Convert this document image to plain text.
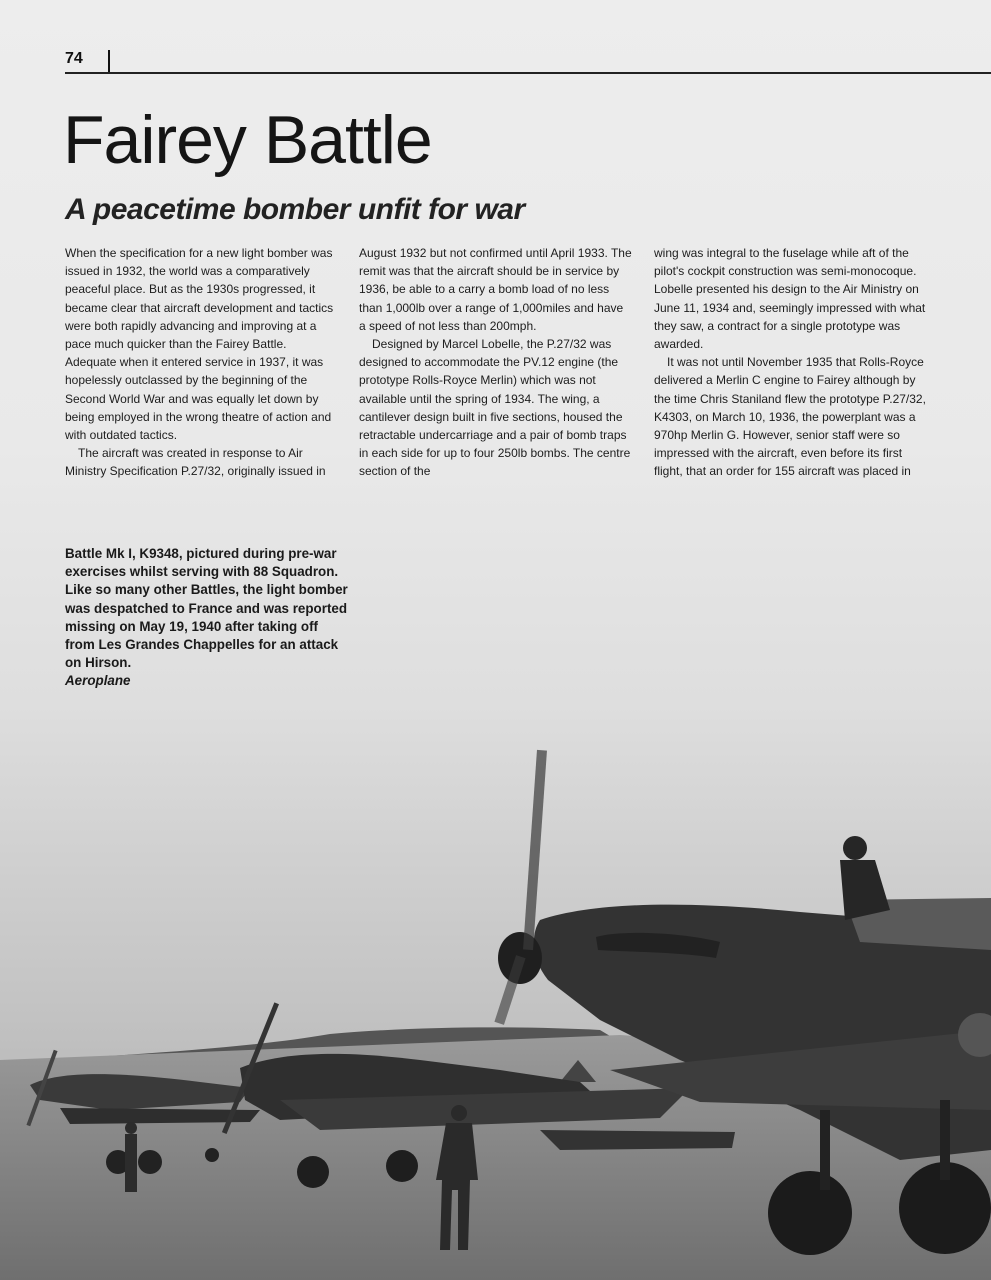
74
Fairey Battle
A peacetime bomber unfit for war

When the specification for a new light bomber was issued in 1932, the world was a comparatively peaceful place. But as the 1930s progressed, it became clear that aircraft development and tactics were both rapidly advancing and improving at a pace much quicker than the Fairey Battle. Adequate when it entered service in 1937, it was hopelessly outclassed by the beginning of the Second World War and was equally let down by being employed in the wrong theatre of action and with outdated tactics.

The aircraft was created in response to Air Ministry Specification P.27/32, originally issued in

August 1932 but not confirmed until April 1933. The remit was that the aircraft should be in service by 1936, be able to a carry a bomb load of no less than 1,000lb over a range of 1,000miles and have a speed of not less than 200mph.

Designed by Marcel Lobelle, the P.27/32 was designed to accommodate the PV.12 engine (the prototype Rolls-Royce Merlin) which was not available until the spring of 1934. The wing, a cantilever design built in five sections, housed the retractable undercarriage and a pair of bomb traps in each side for up to four 250lb bombs. The centre section of the

wing was integral to the fuselage while aft of the pilot's cockpit construction was semi-monocoque. Lobelle presented his design to the Air Ministry on June 11, 1934 and, seemingly impressed with what they saw, a contract for a single prototype was awarded.

It was not until November 1935 that Rolls-Royce delivered a Merlin C engine to Fairey although by the time Chris Staniland flew the prototype P.27/32, K4303, on March 10, 1936, the powerplant was a 970hp Merlin G. However, senior staff were so impressed with the aircraft, even before its first flight, that an order for 155 aircraft was placed in

Battle Mk I, K9348, pictured during pre-war exercises whilst serving with 88 Squadron. Like so many other Battles, the light bomber was despatched to France and was reported missing on May 19, 1940 after taking off from Les Grandes Chappelles for an attack on Hirson.
Aeroplane
